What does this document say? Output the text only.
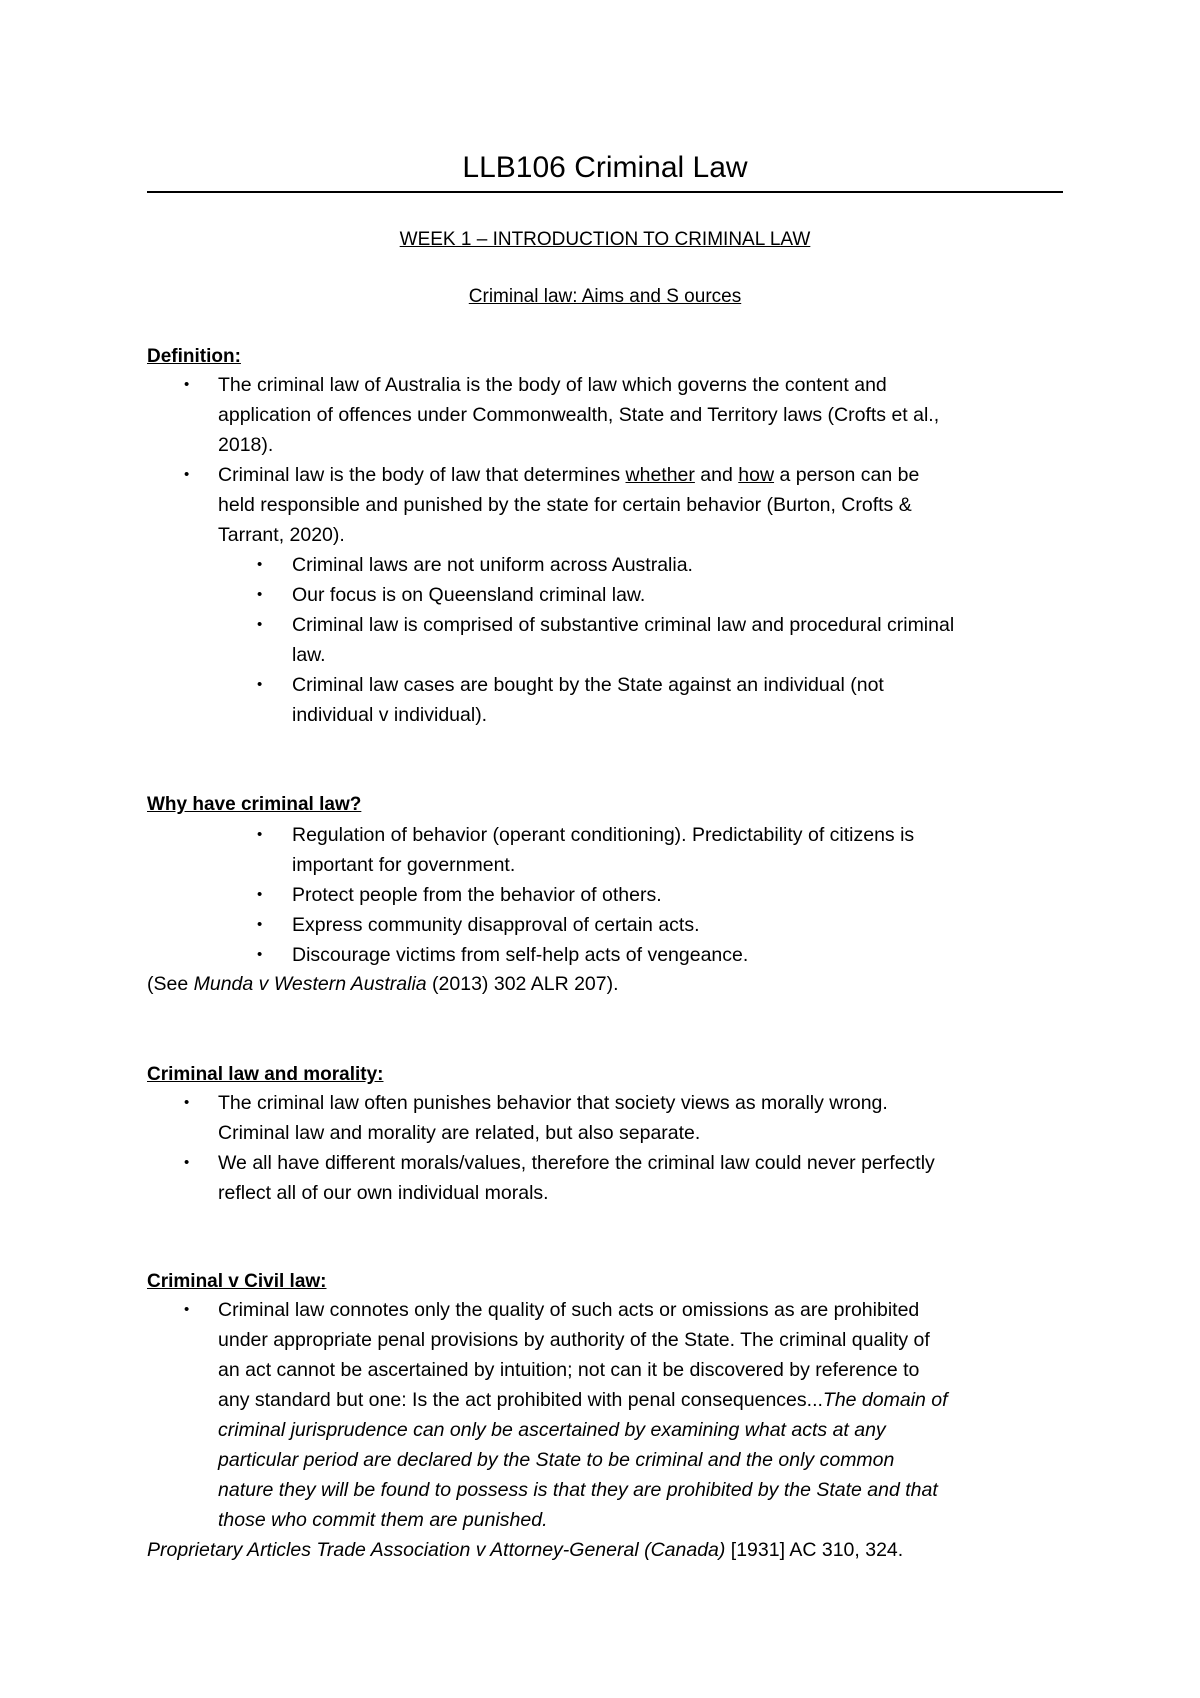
LLB106 Criminal Law
WEEK 1 – INTRODUCTION TO CRIMINAL LAW
Criminal law: Aims and S ources
Definition:
• The criminal law of Australia is the body of law which governs the content and
application of offences under Commonwealth, State and Territory laws (Crofts et al.,
2018).
• Criminal law is the body of law that determines whether and how a person can be
held responsible and punished by the state for certain behavior (Burton, Crofts &
Tarrant, 2020).
• Criminal laws are not uniform across Australia.
• Our focus is on Queensland criminal law.
• Criminal law is comprised of substantive criminal law and procedural criminal
law.
• Criminal law cases are bought by the State against an individual (not
individual v individual).
Why have criminal law?
• Regulation of behavior (operant conditioning). Predictability of citizens is
important for government.
• Protect people from the behavior of others.
• Express community disapproval of certain acts.
• Discourage victims from self-help acts of vengeance.
(See Munda v Western Australia (2013) 302 ALR 207).
Criminal law and morality:
• The criminal law often punishes behavior that society views as morally wrong.
Criminal law and morality are related, but also separate.
• We all have different morals/values, therefore the criminal law could never perfectly
reflect all of our own individual morals.
Criminal v Civil law:
• Criminal law connotes only the quality of such acts or omissions as are prohibited
under appropriate penal provisions by authority of the State. The criminal quality of
an act cannot be ascertained by intuition; not can it be discovered by reference to
any standard but one: Is the act prohibited with penal consequences...The domain of
criminal jurisprudence can only be ascertained by examining what acts at any
particular period are declared by the State to be criminal and the only common
nature they will be found to possess is that they are prohibited by the State and that
those who commit them are punished.
Proprietary Articles Trade Association v Attorney-General (Canada) [1931] AC 310, 324.
